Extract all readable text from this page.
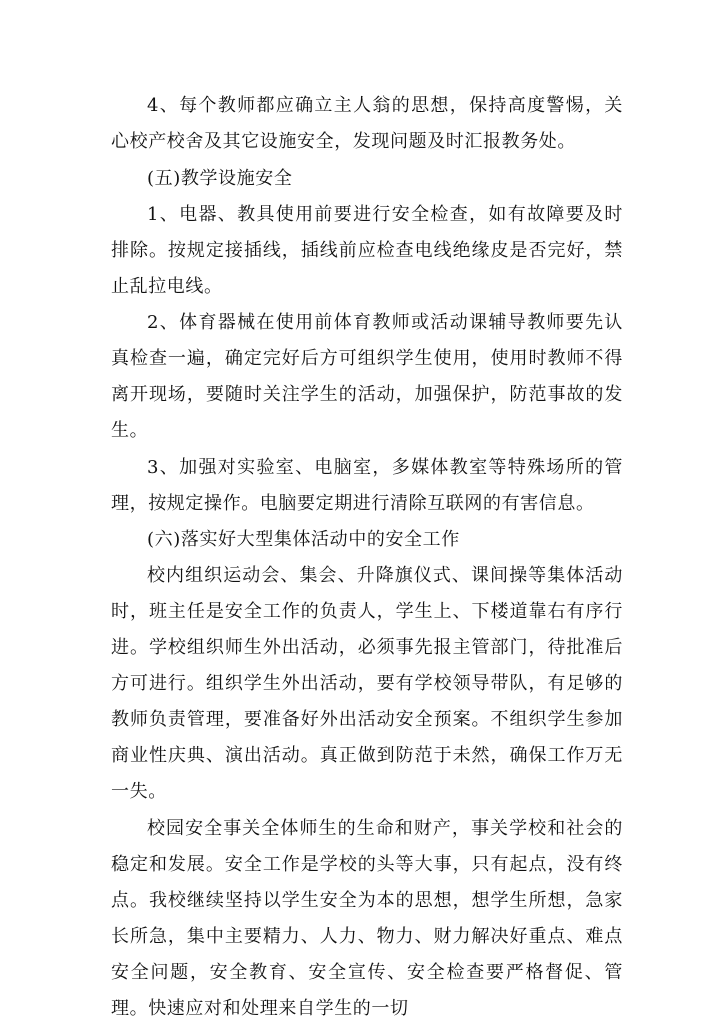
4、每个教师都应确立主人翁的思想，保持高度警惕，关心校产校舍及其它设施安全，发现问题及时汇报教务处。

(五)教学设施安全

1、电器、教具使用前要进行安全检查，如有故障要及时排除。按规定接插线，插线前应检查电线绝缘皮是否完好，禁止乱拉电线。

2、体育器械在使用前体育教师或活动课辅导教师要先认真检查一遍，确定完好后方可组织学生使用，使用时教师不得离开现场，要随时关注学生的活动，加强保护，防范事故的发生。

3、加强对实验室、电脑室，多媒体教室等特殊场所的管理，按规定操作。电脑要定期进行清除互联网的有害信息。

(六)落实好大型集体活动中的安全工作

校内组织运动会、集会、升降旗仪式、课间操等集体活动时，班主任是安全工作的负责人，学生上、下楼道靠右有序行进。学校组织师生外出活动，必须事先报主管部门，待批准后方可进行。组织学生外出活动，要有学校领导带队，有足够的教师负责管理，要准备好外出活动安全预案。不组织学生参加商业性庆典、演出活动。真正做到防范于未然，确保工作万无一失。

校园安全事关全体师生的生命和财产，事关学校和社会的稳定和发展。安全工作是学校的头等大事，只有起点，没有终点。我校继续坚持以学生安全为本的思想，想学生所想，急家长所急，集中主要精力、人力、物力、财力解决好重点、难点安全问题，安全教育、安全宣传、安全检查要严格督促、管理。快速应对和处理来自学生的一切
